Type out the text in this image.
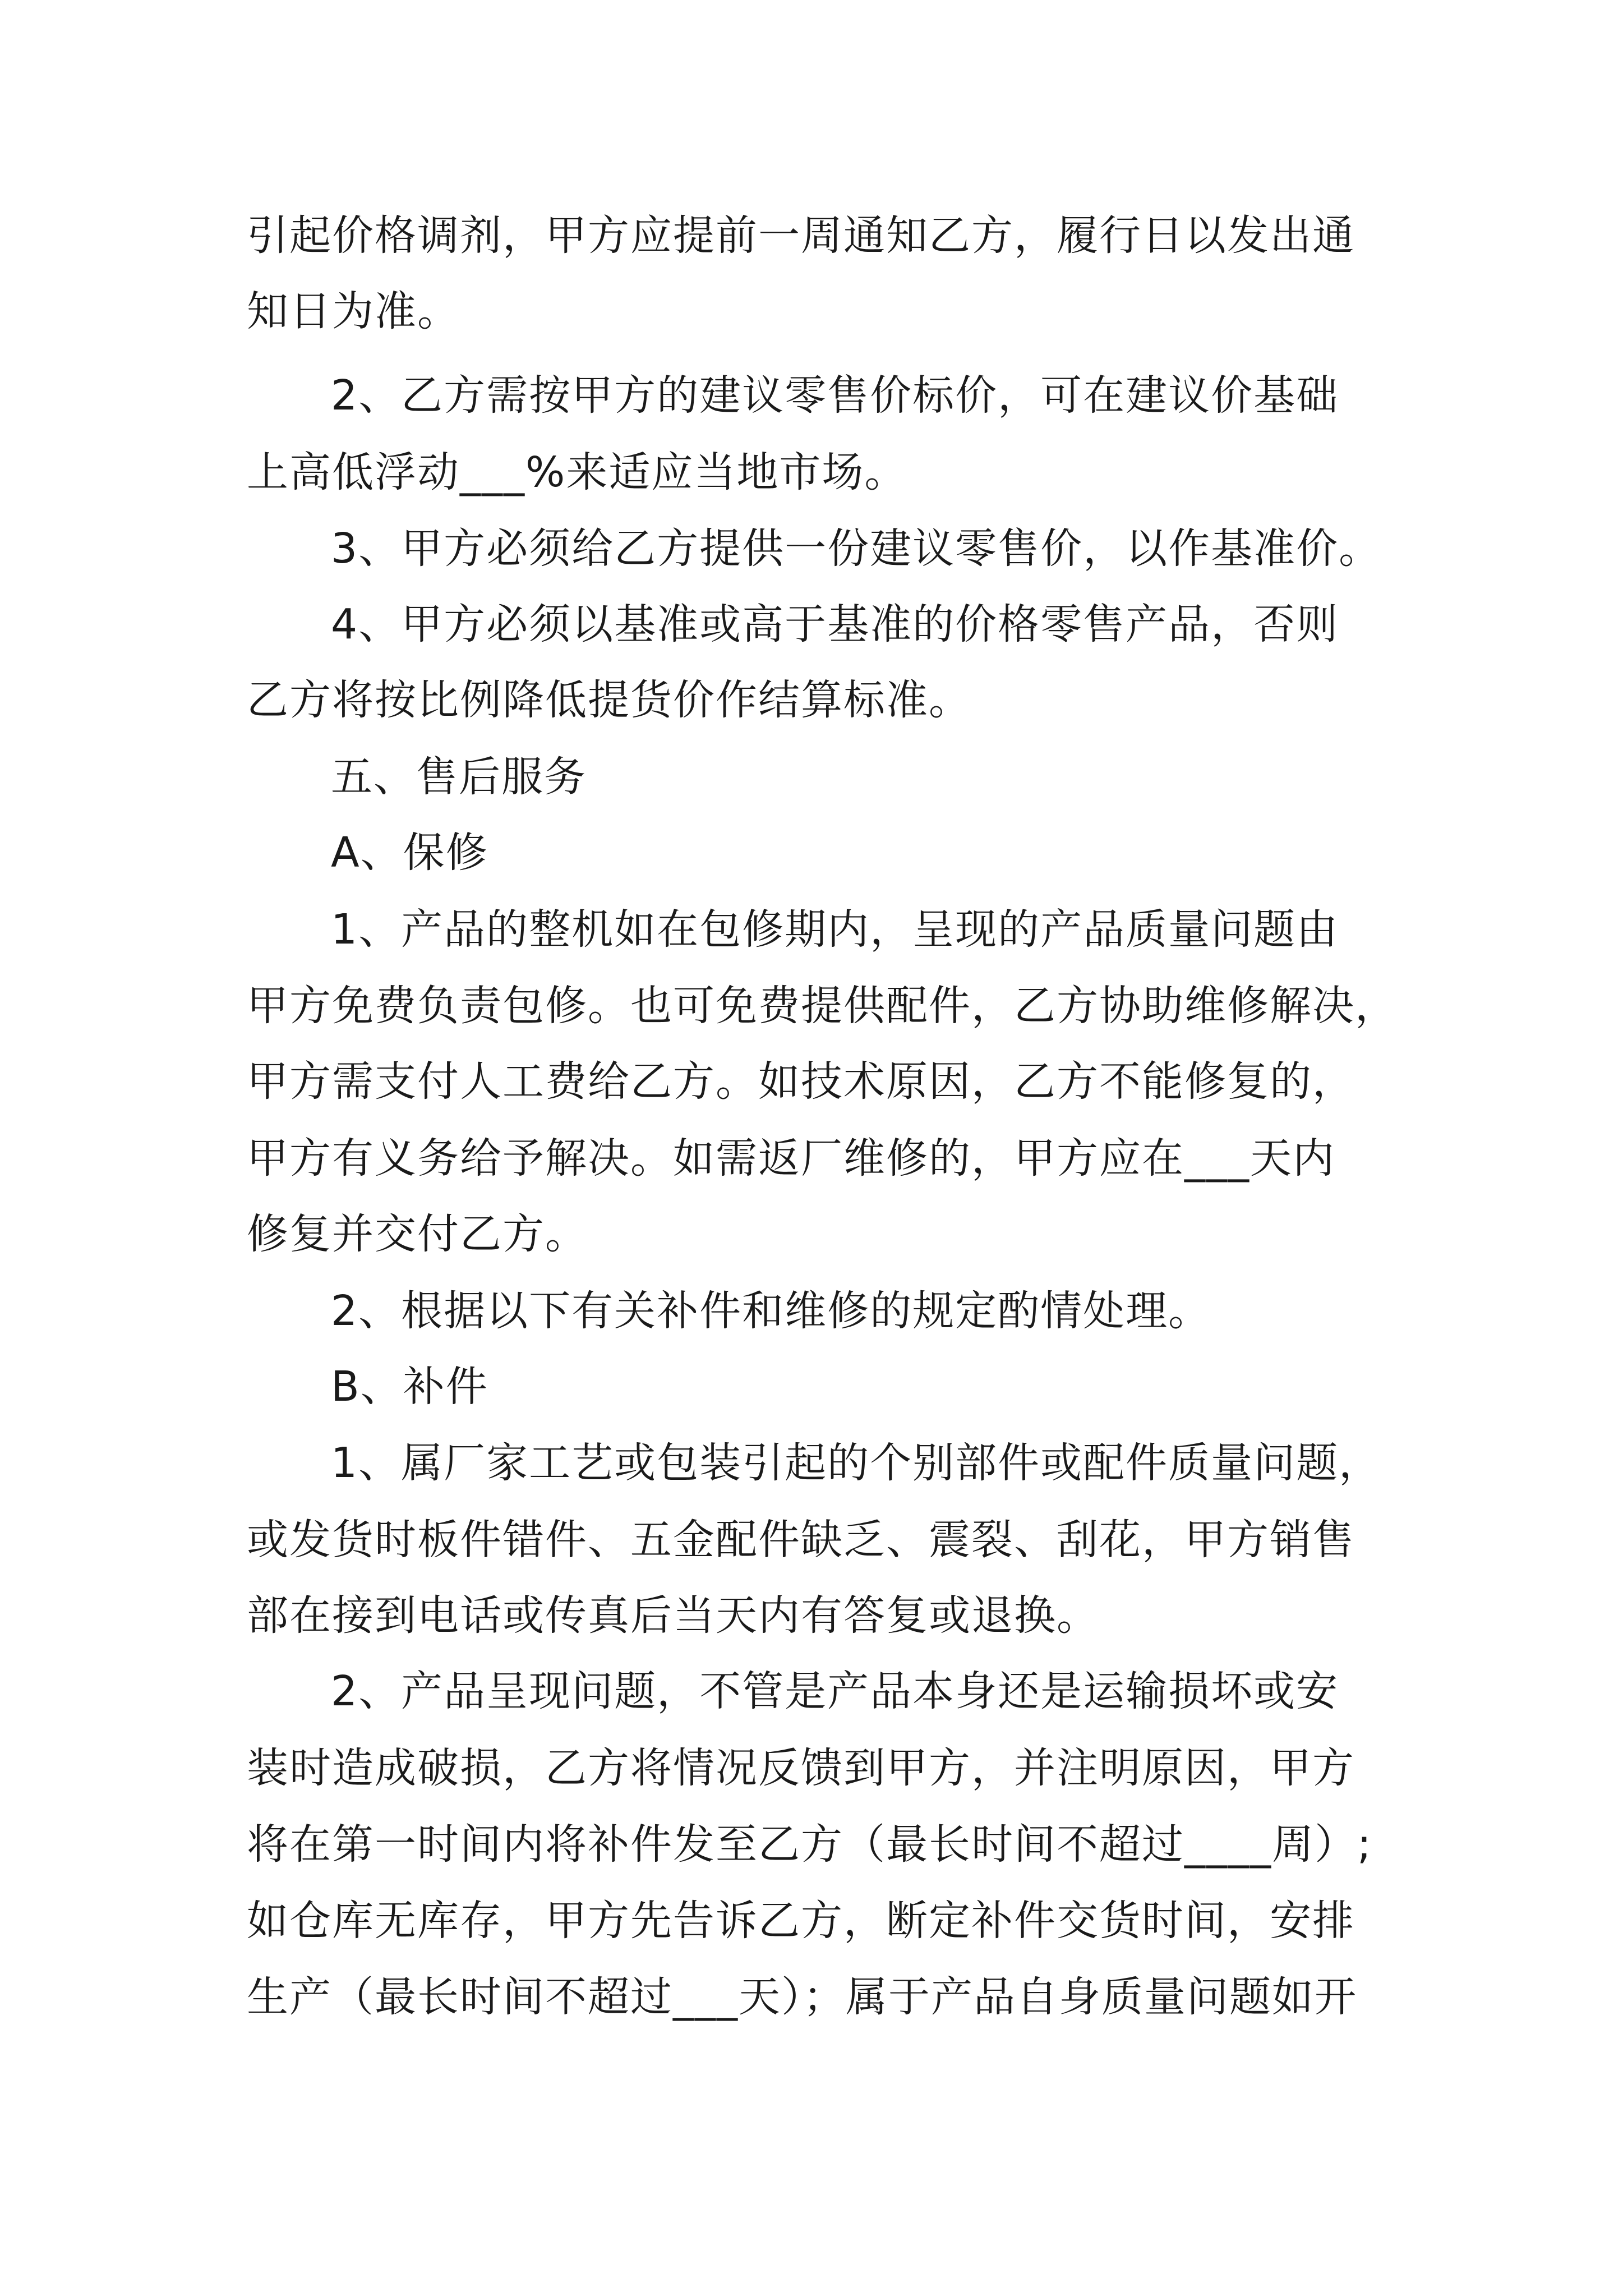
引起价格调剂，甲方应提前一周通知乙方，履行日以发出通
知日为准。
2、乙方需按甲方的建议零售价标价，可在建议价基础
上高低浮动___%来适应当地市场。
3、甲方必须给乙方提供一份建议零售价，以作基准价。
4、甲方必须以基准或高于基准的价格零售产品，否则
乙方将按比例降低提货价作结算标准。
五、售后服务
A、保修
1、产品的整机如在包修期内，呈现的产品质量问题由
甲方免费负责包修。也可免费提供配件，乙方协助维修解决，
甲方需支付人工费给乙方。如技术原因，乙方不能修复的，
甲方有义务给予解决。如需返厂维修的，甲方应在___天内
修复并交付乙方。
2、根据以下有关补件和维修的规定酌情处理。
B、补件
1、属厂家工艺或包装引起的个别部件或配件质量问题，
或发货时板件错件、五金配件缺乏、震裂、刮花，甲方销售
部在接到电话或传真后当天内有答复或退换。
2、产品呈现问题，不管是产品本身还是运输损坏或安
装时造成破损，乙方将情况反馈到甲方，并注明原因，甲方
将在第一时间内将补件发至乙方（最长时间不超过____周）;
如仓库无库存，甲方先告诉乙方，断定补件交货时间，安排
生产（最长时间不超过___天）；属于产品自身质量问题如开
